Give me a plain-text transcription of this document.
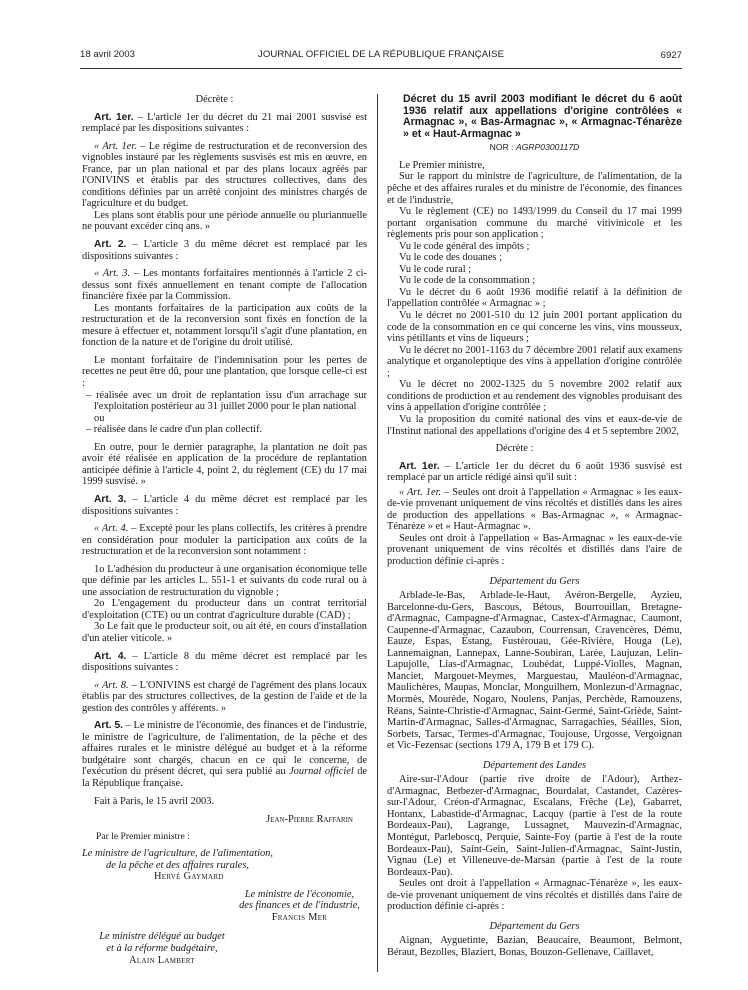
18 avril 2003	JOURNAL OFFICIEL DE LA RÉPUBLIQUE FRANÇAISE	6927

Décrète :

Art. 1er. – L'article 1er du décret du 21 mai 2001 susvisé est remplacé par les dispositions suivantes :

« Art. 1er. – Le régime de restructuration et de reconversion des vignobles instauré par les règlements susvisés est mis en œuvre, en France, par un plan national et par des plans locaux agréés par l'ONIVINS et établis par des structures collectives, dans des conditions définies par un arrêté conjoint des ministres chargés de l'agriculture et du budget.

Les plans sont établis pour une période annuelle ou pluriannuelle ne pouvant excéder cinq ans. »

Art. 2. – L'article 3 du même décret est remplacé par les dispositions suivantes :

« Art. 3. – Les montants forfaitaires mentionnés à l'article 2 ci-dessus sont fixés annuellement en tenant compte de l'allocation financière fixée par la Commission.

Les montants forfaitaires de la participation aux coûts de la restructuration et de la reconversion sont fixés en fonction de la mesure à effectuer et, notamment lorsqu'il s'agit d'une plantation, en fonction de la nature et de l'origine du droit utilisé.

Le montant forfaitaire de l'indemnisation pour les pertes de recettes ne peut être dû, pour une plantation, que lorsque celle-ci est :

– réalisée avec un droit de replantation issu d'un arrachage sur l'exploitation postérieur au 31 juillet 2000 pour le plan national

ou

– réalisée dans le cadre d'un plan collectif.

En outre, pour le dernier paragraphe, la plantation ne doit pas avoir été réalisée en application de la procédure de replantation anticipée définie à l'article 4, point 2, du règlement (CE) du 17 mai 1999 susvisé. »

Art. 3. – L'article 4 du même décret est remplacé par les dispositions suivantes :

« Art. 4. – Excepté pour les plans collectifs, les critères à prendre en considération pour moduler la participation aux coûts de la restructuration et de la reconversion sont notamment :

1o L'adhésion du producteur à une organisation économique telle que définie par les articles L. 551-1 et suivants du code rural ou à une association de restructuration du vignoble ;

2o L'engagement du producteur dans un contrat territorial d'exploitation (CTE) ou un contrat d'agriculture durable (CAD) ;

3o Le fait que le producteur soit, ou ait été, en cours d'installation d'un atelier viticole. »

Art. 4. – L'article 8 du même décret est remplacé par les dispositions suivantes :

« Art. 8. – L'ONIVINS est chargé de l'agrément des plans locaux établis par des structures collectives, de la gestion de l'aide et de la gestion des contrôles y afférents. »

Art. 5. – Le ministre de l'économie, des finances et de l'industrie, le ministre de l'agriculture, de l'alimentation, de la pêche et des affaires rurales et le ministre délégué au budget et à la réforme budgétaire sont chargés, chacun en ce qui le concerne, de l'exécution du présent décret, qui sera publié au Journal officiel de la République française.

Fait à Paris, le 15 avril 2003.

Jean-Pierre Raffarin

Par le Premier ministre :

Le ministre de l'agriculture, de l'alimentation,

de la pêche et des affaires rurales,

Hervé Gaymard

Le ministre de l'économie,

des finances et de l'industrie,

Francis Mer

Le ministre délégué au budget

et à la réforme budgétaire,

Alain Lambert

Décret du 15 avril 2003 modifiant le décret du 6 août 1936 relatif aux appellations d'origine contrôlées « Armagnac », « Bas-Armagnac », « Armagnac-Ténarèze » et « Haut-Armagnac »

NOR : AGRP0300117D

Le Premier ministre,

Sur le rapport du ministre de l'agriculture, de l'alimentation, de la pêche et des affaires rurales et du ministre de l'économie, des finances et de l'industrie,

Vu le règlement (CE) no 1493/1999 du Conseil du 17 mai 1999 portant organisation commune du marché vitivinicole et les règlements pris pour son application ;

Vu le code général des impôts ;

Vu le code des douanes ;

Vu le code rural ;

Vu le code de la consommation ;

Vu le décret du 6 août 1936 modifié relatif à la définition de l'appellation contrôlée « Armagnac » ;

Vu le décret no 2001-510 du 12 juin 2001 portant application du code de la consommation en ce qui concerne les vins, vins mousseux, vins pétillants et vins de liqueurs ;

Vu le décret no 2001-1163 du 7 décembre 2001 relatif aux examens analytique et organoleptique des vins à appellation d'origine contrôlée ;

Vu le décret no 2002-1325 du 5 novembre 2002 relatif aux conditions de production et au rendement des vignobles produisant des vins à appellation d'origine contrôlée ;

Vu la proposition du comité national des vins et eaux-de-vie de l'Institut national des appellations d'origine des 4 et 5 septembre 2002,

Décrète :

Art. 1er. – L'article 1er du décret du 6 août 1936 susvisé est remplacé par un article rédigé ainsi qu'il suit :

« Art. 1er. – Seules ont droit à l'appellation « Armagnac » les eaux-de-vie provenant uniquement de vins récoltés et distillés dans les aires de production des appellations « Bas-Armagnac », « Armagnac-Ténarèze » et « Haut-Armagnac ».

Seules ont droit à l'appellation « Bas-Armagnac » les eaux-de-vie provenant uniquement de vins récoltés et distillés dans l'aire de production définie ci-après :

Département du Gers

Arblade-le-Bas, Arblade-le-Haut, Avéron-Bergelle, Ayzieu, Barcelonne-du-Gers, Bascous, Bétous, Bourrouillan, Bretagne-d'Armagnac, Campagne-d'Armagnac, Castex-d'Armagnac, Caumont, Caupenne-d'Armagnac, Cazaubon, Courrensan, Cravencères, Dému, Eauze, Espas, Estang, Fustérouau, Gée-Rivière, Houga (Le), Lannemaignan, Lannepax, Lanne-Soubiran, Larée, Laujuzan, Lelin-Lapujolle, Lias-d'Armagnac, Loubédat, Luppé-Violles, Magnan, Manciet, Margouet-Meymes, Marguestau, Mauléon-d'Armagnac, Maulichères, Maupas, Monclar, Monguilhem, Monlezun-d'Armagnac, Mormès, Mourède, Nogaro, Noulens, Panjas, Perchède, Ramouzens, Réans, Sainte-Christie-d'Armagnac, Saint-Germé, Saint-Griède, Saint-Martin-d'Armagnac, Salles-d'Armagnac, Sarragachies, Séailles, Sion, Sorbets, Tarsac, Termes-d'Armagnac, Toujouse, Urgosse, Vergoignan et Vic-Fezensac (sections 179 A, 179 B et 179 C).

Département des Landes

Aire-sur-l'Adour (partie rive droite de l'Adour), Arthez-d'Armagnac, Betbezer-d'Armagnac, Bourdalat, Castandet, Cazères-sur-l'Adour, Créon-d'Armagnac, Escalans, Frêche (Le), Gabarret, Hontanx, Labastide-d'Armagnac, Lacquy (partie à l'est de la route Bordeaux-Pau), Lagrange, Lussagnet, Mauvezin-d'Armagnac, Montégut, Parleboscq, Perquie, Sainte-Foy (partie à l'est de la route Bordeaux-Pau), Saint-Gein, Saint-Julien-d'Armagnac, Saint-Justin, Vignau (Le) et Villeneuve-de-Marsan (partie à l'est de la route Bordeaux-Pau).

Seules ont droit à l'appellation « Armagnac-Ténarèze », les eaux-de-vie provenant uniquement de vins récoltés et distillés dans l'aire de production définie ci-après :

Département du Gers

Aignan, Ayguetinte, Bazian, Beaucaire, Beaumont, Belmont, Béraut, Bezolles, Blaziert, Bonas, Bouzon-Gellenave, Caillavet,
